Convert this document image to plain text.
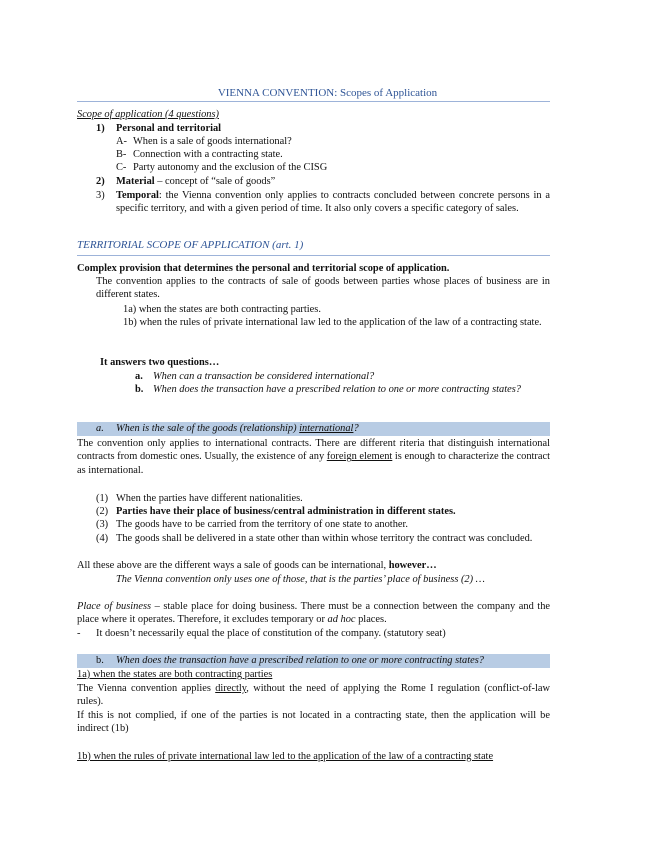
VIENNA CONVENTION: Scopes of Application
Scope of application (4 questions)
1) Personal and territorial
A- When is a sale of goods international?
B- Connection with a contracting state.
C- Party autonomy and the exclusion of the CISG
2) Material – concept of “sale of goods”
3) Temporal: the Vienna convention only applies to contracts concluded between concrete persons in a specific territory, and with a given period of time. It also only covers a specific category of sales.
TERRITORIAL SCOPE OF APPLICATION (art. 1)
Complex provision that determines the personal and territorial scope of application.
The convention applies to the contracts of sale of goods between parties whose places of business are in different states.
1a) when the states are both contracting parties.
1b) when the rules of private international law led to the application of the law of a contracting state.
It answers two questions…
a. When can a transaction be considered international?
b. When does the transaction have a prescribed relation to one or more contracting states?
a. When is the sale of the goods (relationship) international?
The convention only applies to international contracts. There are different riteria that distinguish international contracts from domestic ones. Usually, the existence of any foreign element is enough to characterize the contract as international.
(1) When the parties have different nationalities.
(2) Parties have their place of business/central administration in different states.
(3) The goods have to be carried from the territory of one state to another.
(4) The goods shall be delivered in a state other than within whose territory the contract was concluded.
All these above are the different ways a sale of goods can be international, however…
The Vienna convention only uses one of those, that is the parties’ place of business (2) …
Place of business – stable place for doing business. There must be a connection between the company and the place where it operates. Therefore, it excludes temporary or ad hoc places.
- It doesn’t necessarily equal the place of constitution of the company. (statutory seat)
b. When does the transaction have a prescribed relation to one or more contracting states?
1a) when the states are both contracting parties
The Vienna convention applies directly, without the need of applying the Rome I regulation (conflict-of-law rules).
If this is not complied, if one of the parties is not located in a contracting state, then the application will be indirect (1b)
1b) when the rules of private international law led to the application of the law of a contracting state
